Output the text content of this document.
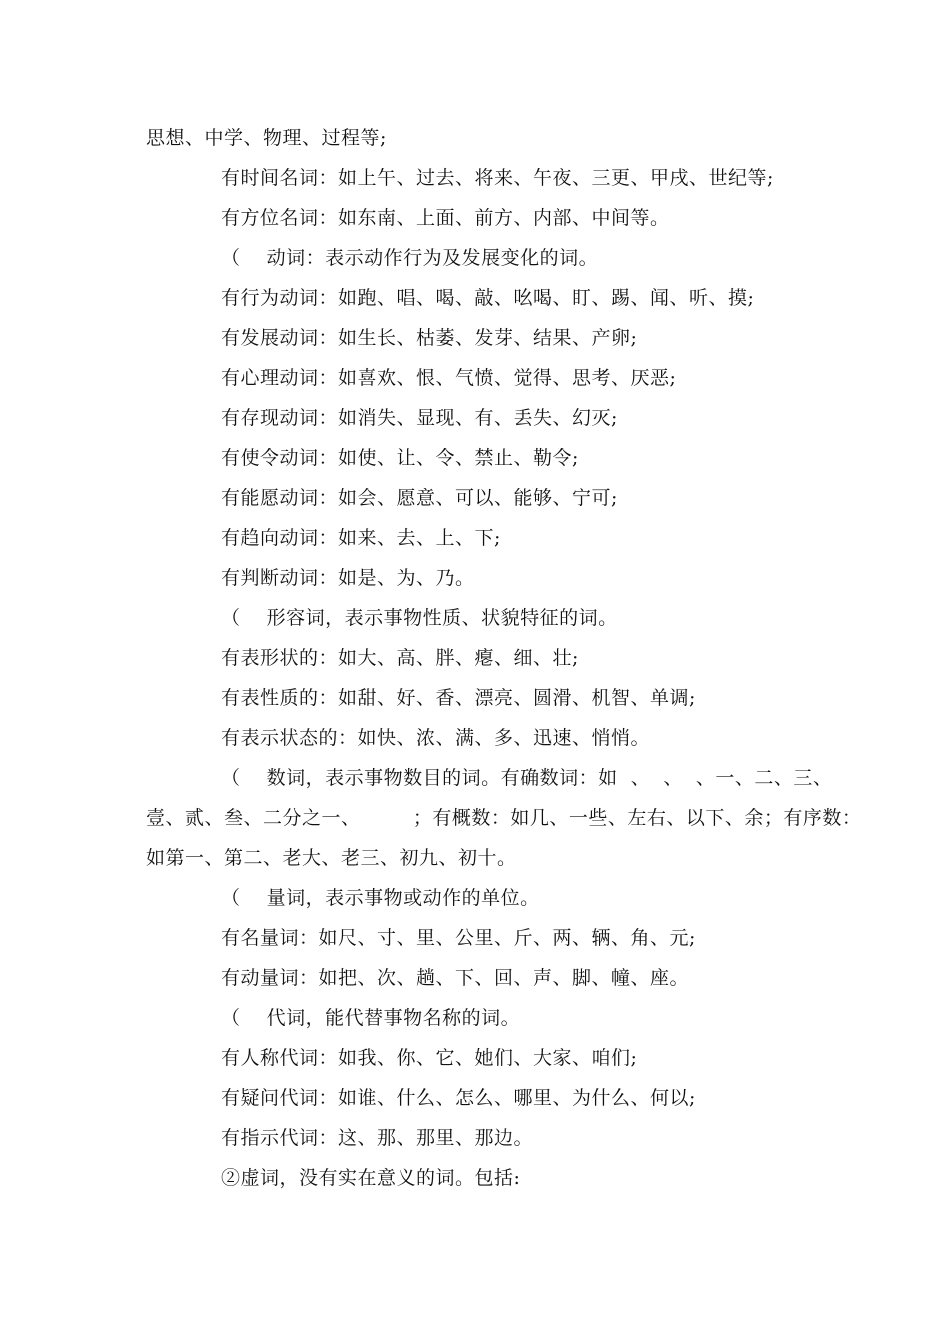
思想、中学、物理、过程等;
有时间名词：如上午、过去、将来、午夜、三更、甲戌、世纪等;
有方位名词：如东南、上面、前方、内部、中间等。
（    动词：表示动作行为及发展变化的词。
有行为动词：如跑、唱、喝、敲、吆喝、盯、踢、闻、听、摸;
有发展动词：如生长、枯萎、发芽、结果、产卵;
有心理动词：如喜欢、恨、气愤、觉得、思考、厌恶;
有存现动词：如消失、显现、有、丢失、幻灭;
有使令动词：如使、让、令、禁止、勒令;
有能愿动词：如会、愿意、可以、能够、宁可;
有趋向动词：如来、去、上、下;
有判断动词：如是、为、乃。
（    形容词，表示事物性质、状貌特征的词。
有表形状的：如大、高、胖、瘪、细、壮;
有表性质的：如甜、好、香、漂亮、圆滑、机智、单调;
有表示状态的：如快、浓、满、多、迅速、悄悄。
（    数词，表示事物数目的词。有确数词：如  、  、  、一、二、三、
壹、贰、叁、二分之一、        ；有概数：如几、一些、左右、以下、余；有序数：
如第一、第二、老大、老三、初九、初十。
（    量词，表示事物或动作的单位。
有名量词：如尺、寸、里、公里、斤、两、辆、角、元;
有动量词：如把、次、趟、下、回、声、脚、幢、座。
（    代词，能代替事物名称的词。
有人称代词：如我、你、它、她们、大家、咱们;
有疑问代词：如谁、什么、怎么、哪里、为什么、何以;
有指示代词：这、那、那里、那边。
②虚词，没有实在意义的词。包括:
